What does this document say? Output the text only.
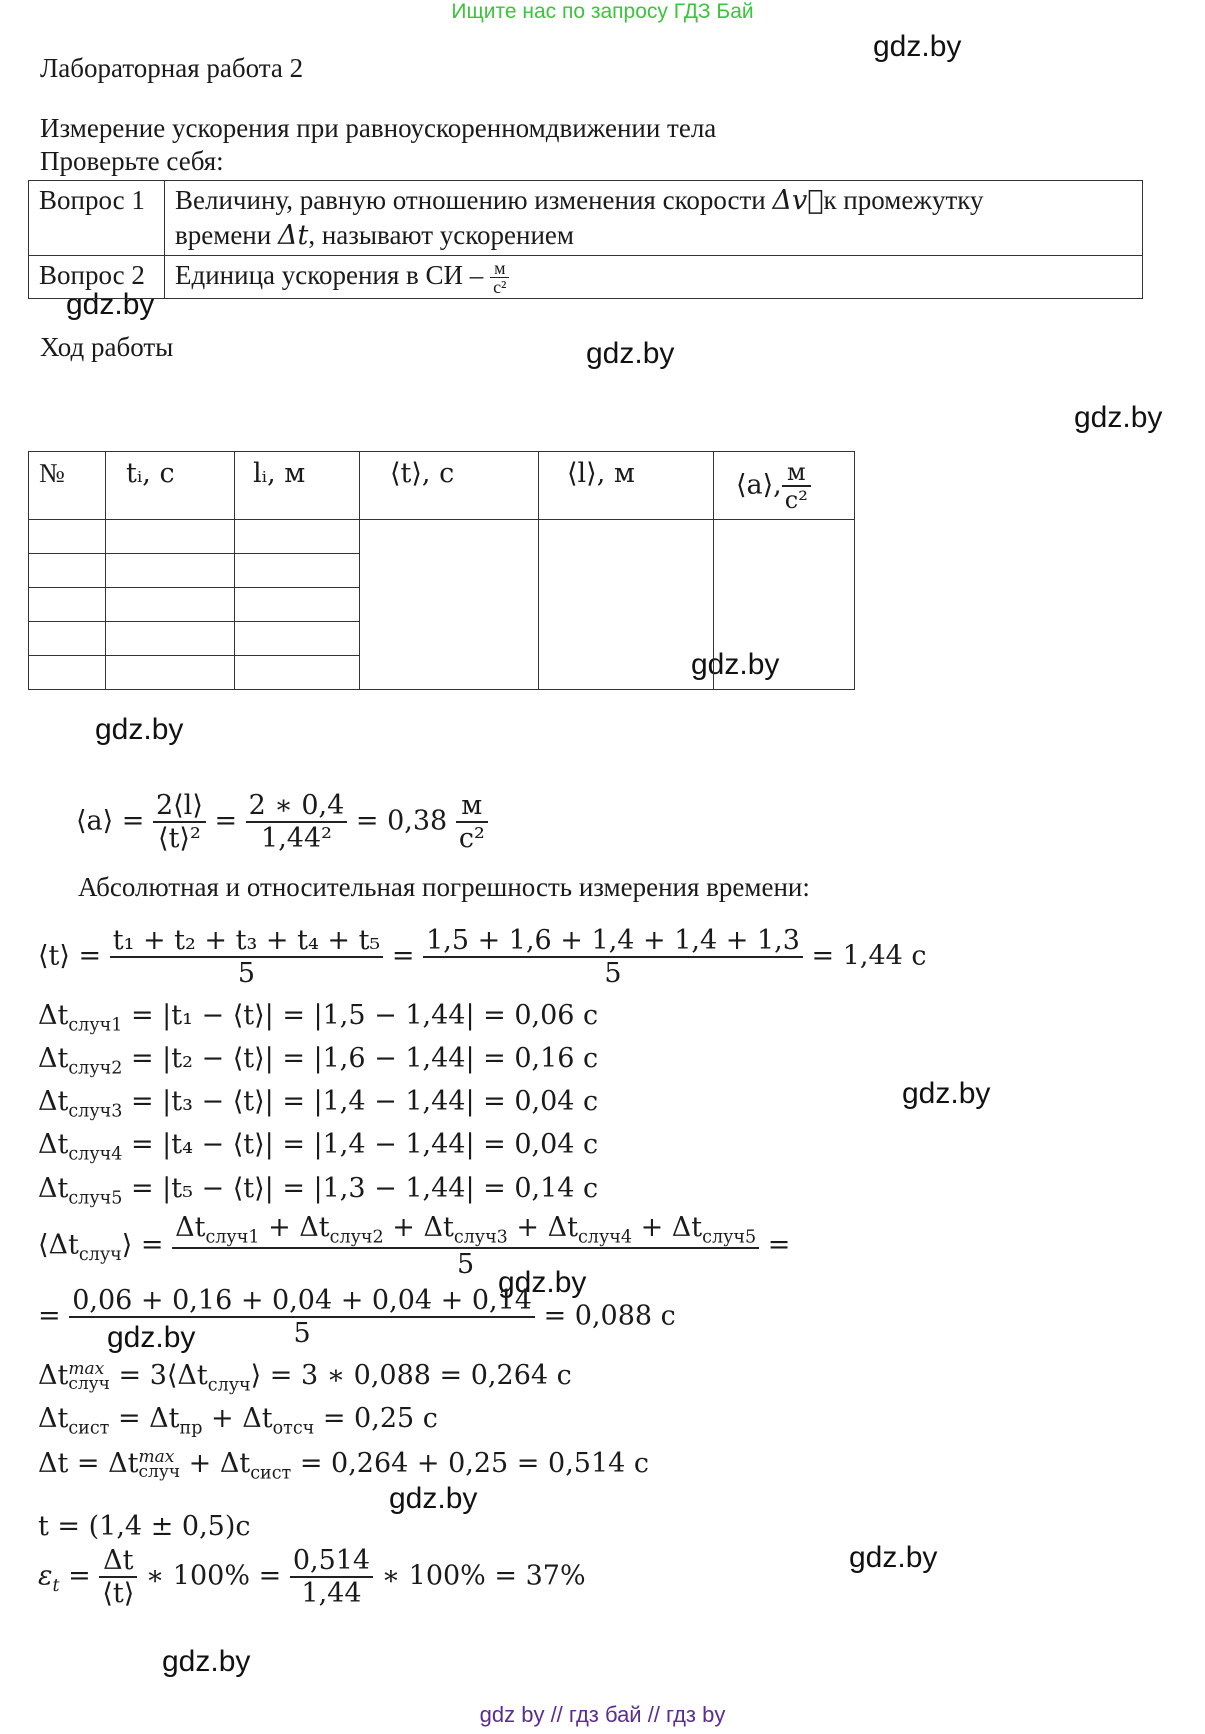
Ищите нас по запросу ГДЗ Бай
gdz.by
gdz.by
gdz.by
gdz.by
gdz.by
gdz.by
gdz.by
gdz.by
gdz.by
gdz.by
gdz.by
gdz.by
Лабораторная работа 2
Измерение ускорения при равноускоренномдвижении тела
Проверьте себя:
Вопрос 1	Величину, равную отношению изменения скорости Δv⃗к промежутку
времени Δt, называют ускорением
Вопрос 2	Единица ускорения в СИ – $\frac{м}{\text{с²}}$
Ход работы
№	tᵢ, с	lᵢ, м	⟨t⟩, с	⟨l⟩, м	⟨a⟩, $\frac{м}{\text{с²}}$

⟨a⟩ = $\frac{2⟨l⟩}{\text{⟨t⟩²}} = \frac{2 ∗ 0,4}{\text{1,44²}} = 0,38 \frac{м}{\text{с²}}$
Абсолютная и относительная погрешность измерения времени:
⟨t⟩ = $\frac{\text{t₁ + t₂ + t₃ + t₄ + t₅}}{5} = \frac{1,5 + 1,6 + 1,4 + 1,4 + 1,3}{5} = 1,44$ с
$\Delta t_{случ1} = |t_1$ − ⟨t⟩| = |1,5 − 1,44| = 0,06 с
$\Delta t_{случ2} = |t_2$ − ⟨t⟩| = |1,6 − 1,44| = 0,16 с
$\Delta t_{случ3} = |t_3$ − ⟨t⟩| = |1,4 − 1,44| = 0,04 с
$\Delta t_{случ4} = |t_4$ − ⟨t⟩| = |1,4 − 1,44| = 0,04 с
$\Delta t_{случ5} = |t_5$ − ⟨t⟩| = |1,3 − 1,44| = 0,14 с
$⟨\Delta t_{случ}⟩ = \frac{\Delta t_{случ1} + \Delta t_{случ2} + \Delta t_{случ3} + \Delta t_{случ4} + \Delta t_{случ5}}{5}$ =
= $\frac{0,06 + 0,16 + 0,04 + 0,04 + 0,14}{5} = 0,088$ с
Δt max
случ = $3⟨\Delta t_{случ}⟩ = 3$ ∗ 0,088 = 0,264 с
$\Delta t_{сист} = \Delta t_{пр} + \Delta t_{отсч} = 0,25$ с
Δt = Δt max
случ + $\Delta t_{сист} = 0,264 + 0,25 = 0,514$ с
t = (1,4 ± 0,5)с
$\varepsilon_t = \frac{\Delta t}{⟨t⟩}$ ∗ $100\% = \frac{0,514}{1,44}$ ∗ 100% = 37%
gdz by // гдз бай // гдз by
